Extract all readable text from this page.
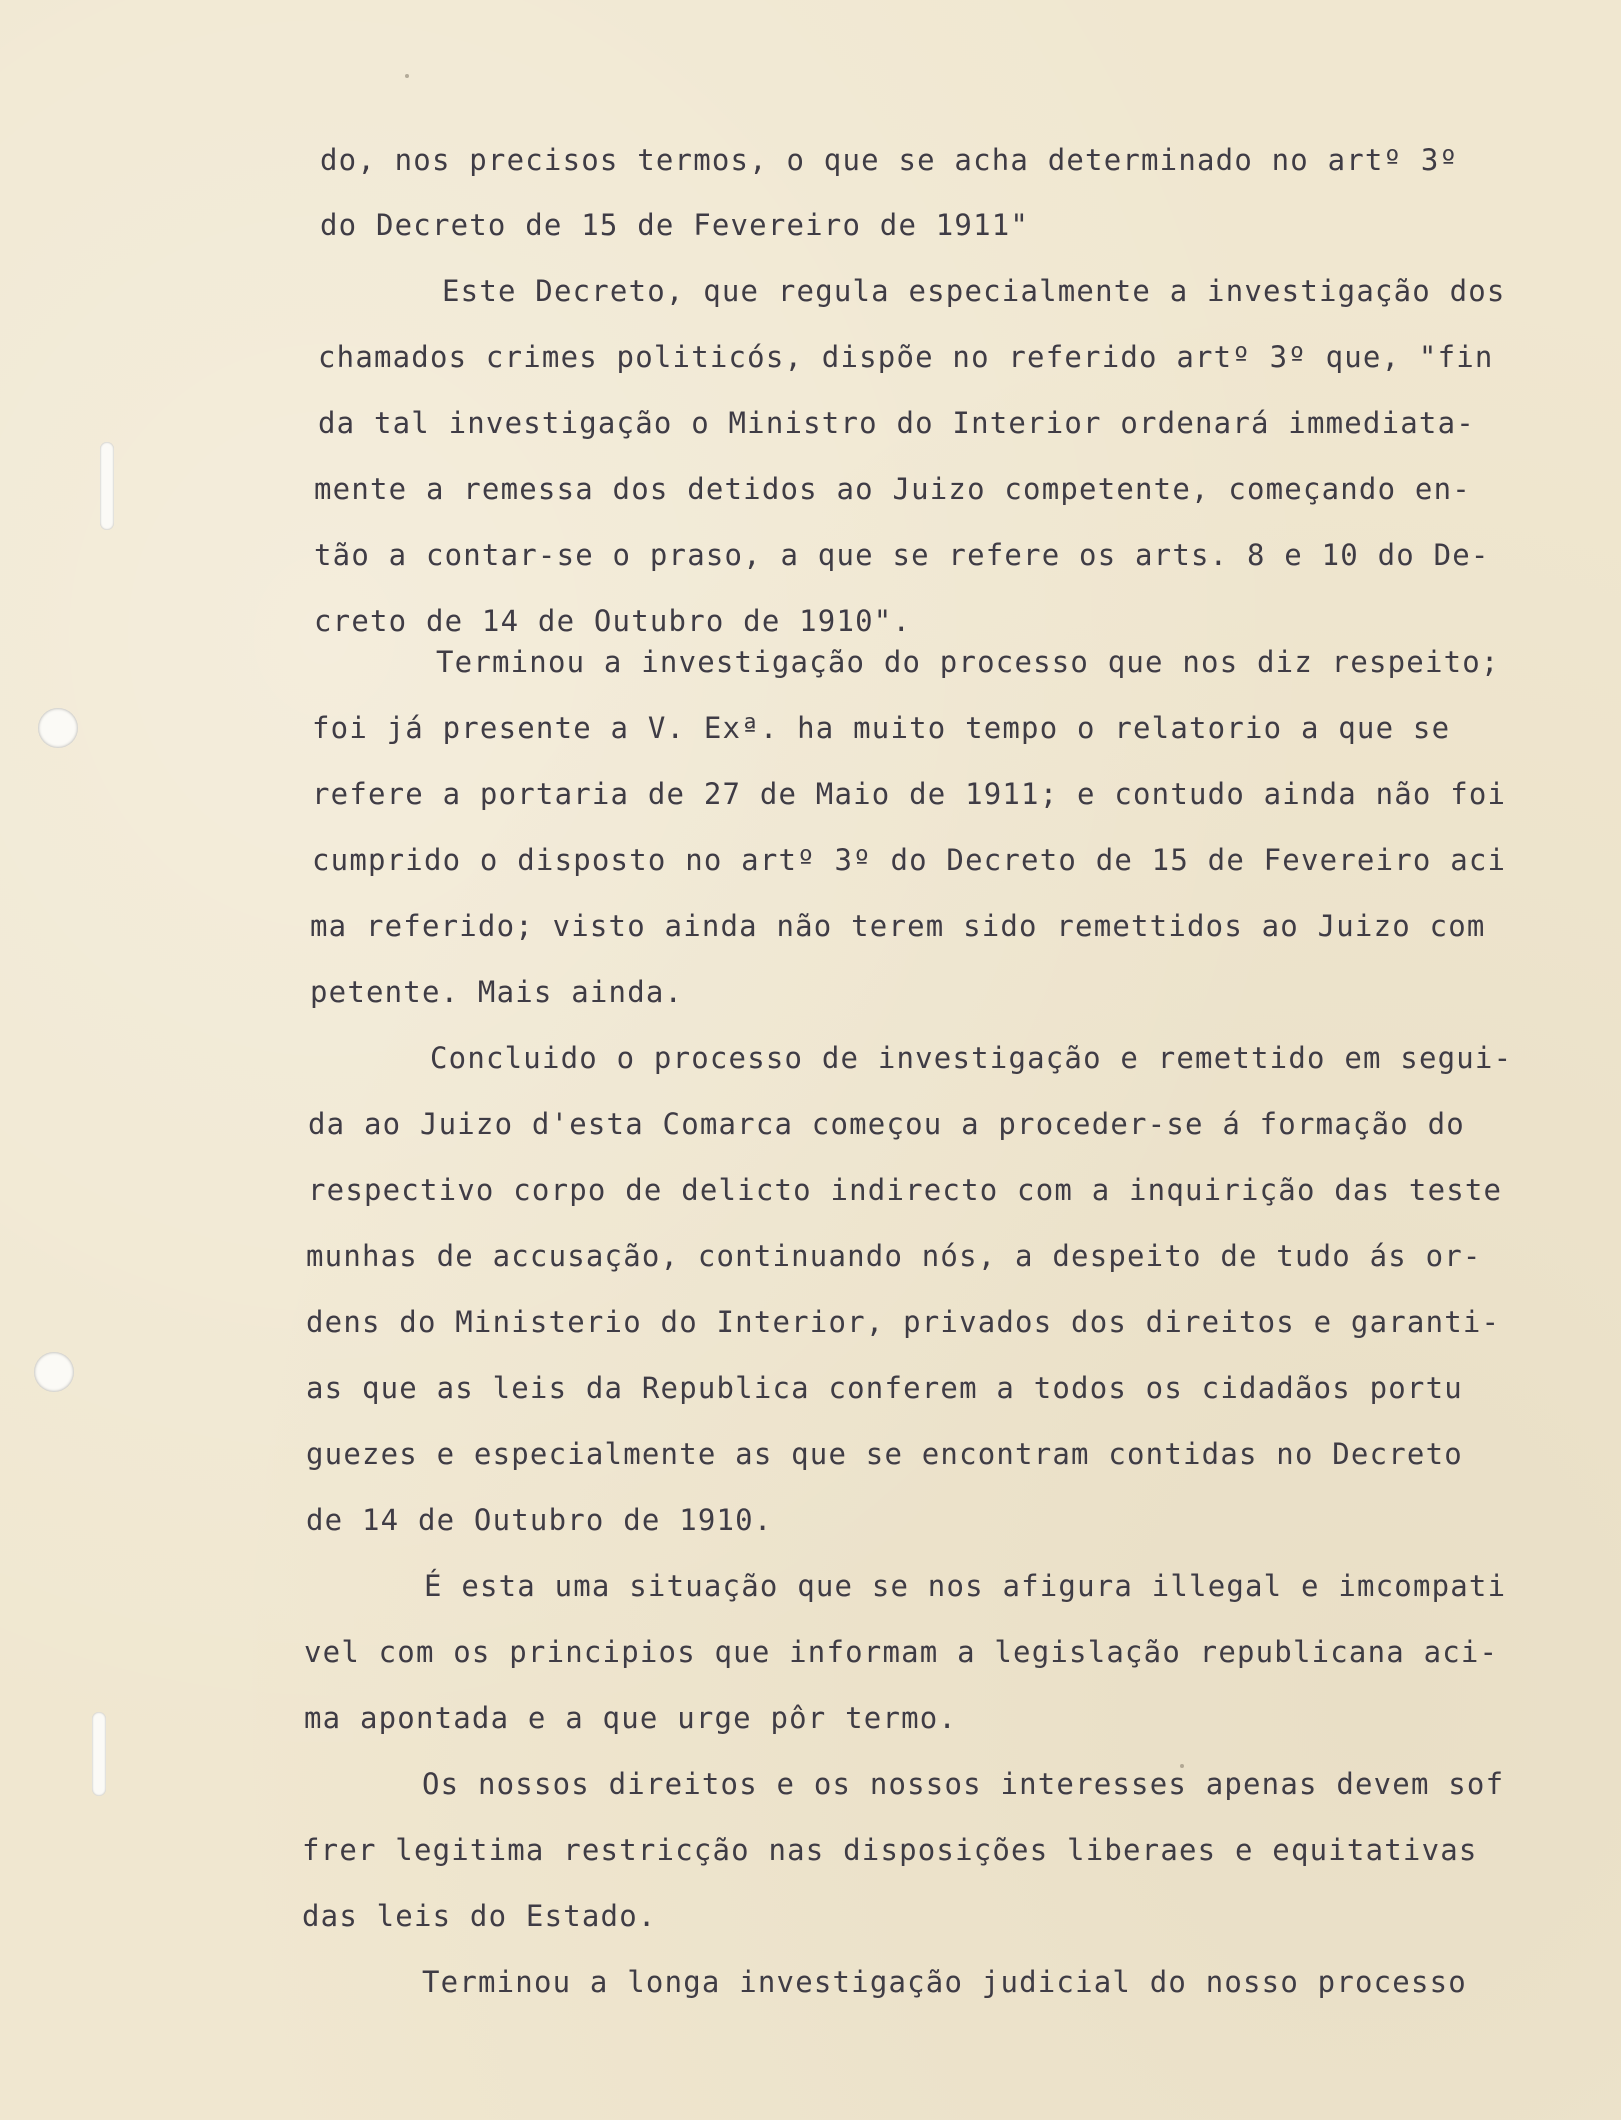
do, nos precisos termos, o que se acha determinado no artº 3º

do Decreto de 15 de Fevereiro de 1911"

Este Decreto, que regula especialmente a investigação dos

chamados crimes politicós, dispõe no referido artº 3º que, "fin

da tal investigação o Ministro do Interior ordenará immediata-

mente a remessa dos detidos ao Juizo competente, começando en-

tão a contar-se o praso, a que se refere os arts. 8 e 10 do De-

creto de 14 de Outubro de 1910".

Terminou a investigação do processo que nos diz respeito;

foi já presente a V. Exª. ha muito tempo o relatorio a que se

refere a portaria de 27 de Maio de 1911; e contudo ainda não foi

cumprido o disposto no artº 3º do Decreto de 15 de Fevereiro aci

ma referido; visto ainda não terem sido remettidos ao Juizo com

petente. Mais ainda.

Concluido o processo de investigação e remettido em segui-

da ao Juizo d'esta Comarca começou a proceder-se á formação do

respectivo corpo de delicto indirecto com a inquirição das teste

munhas de accusação, continuando nós, a despeito de tudo ás or-

dens do Ministerio do Interior, privados dos direitos e garanti-

as que as leis da Republica conferem a todos os cidadãos portu

guezes e especialmente as que se encontram contidas no Decreto

de 14 de Outubro de 1910.

É esta uma situação que se nos afigura illegal e imcompati

vel com os principios que informam a legislação republicana aci-

ma apontada e a que urge pôr termo.

Os nossos direitos e os nossos interesses apenas devem sof

frer legitima restricção nas disposições liberaes e equitativas

das leis do Estado.

Terminou a longa investigação judicial do nosso processo
